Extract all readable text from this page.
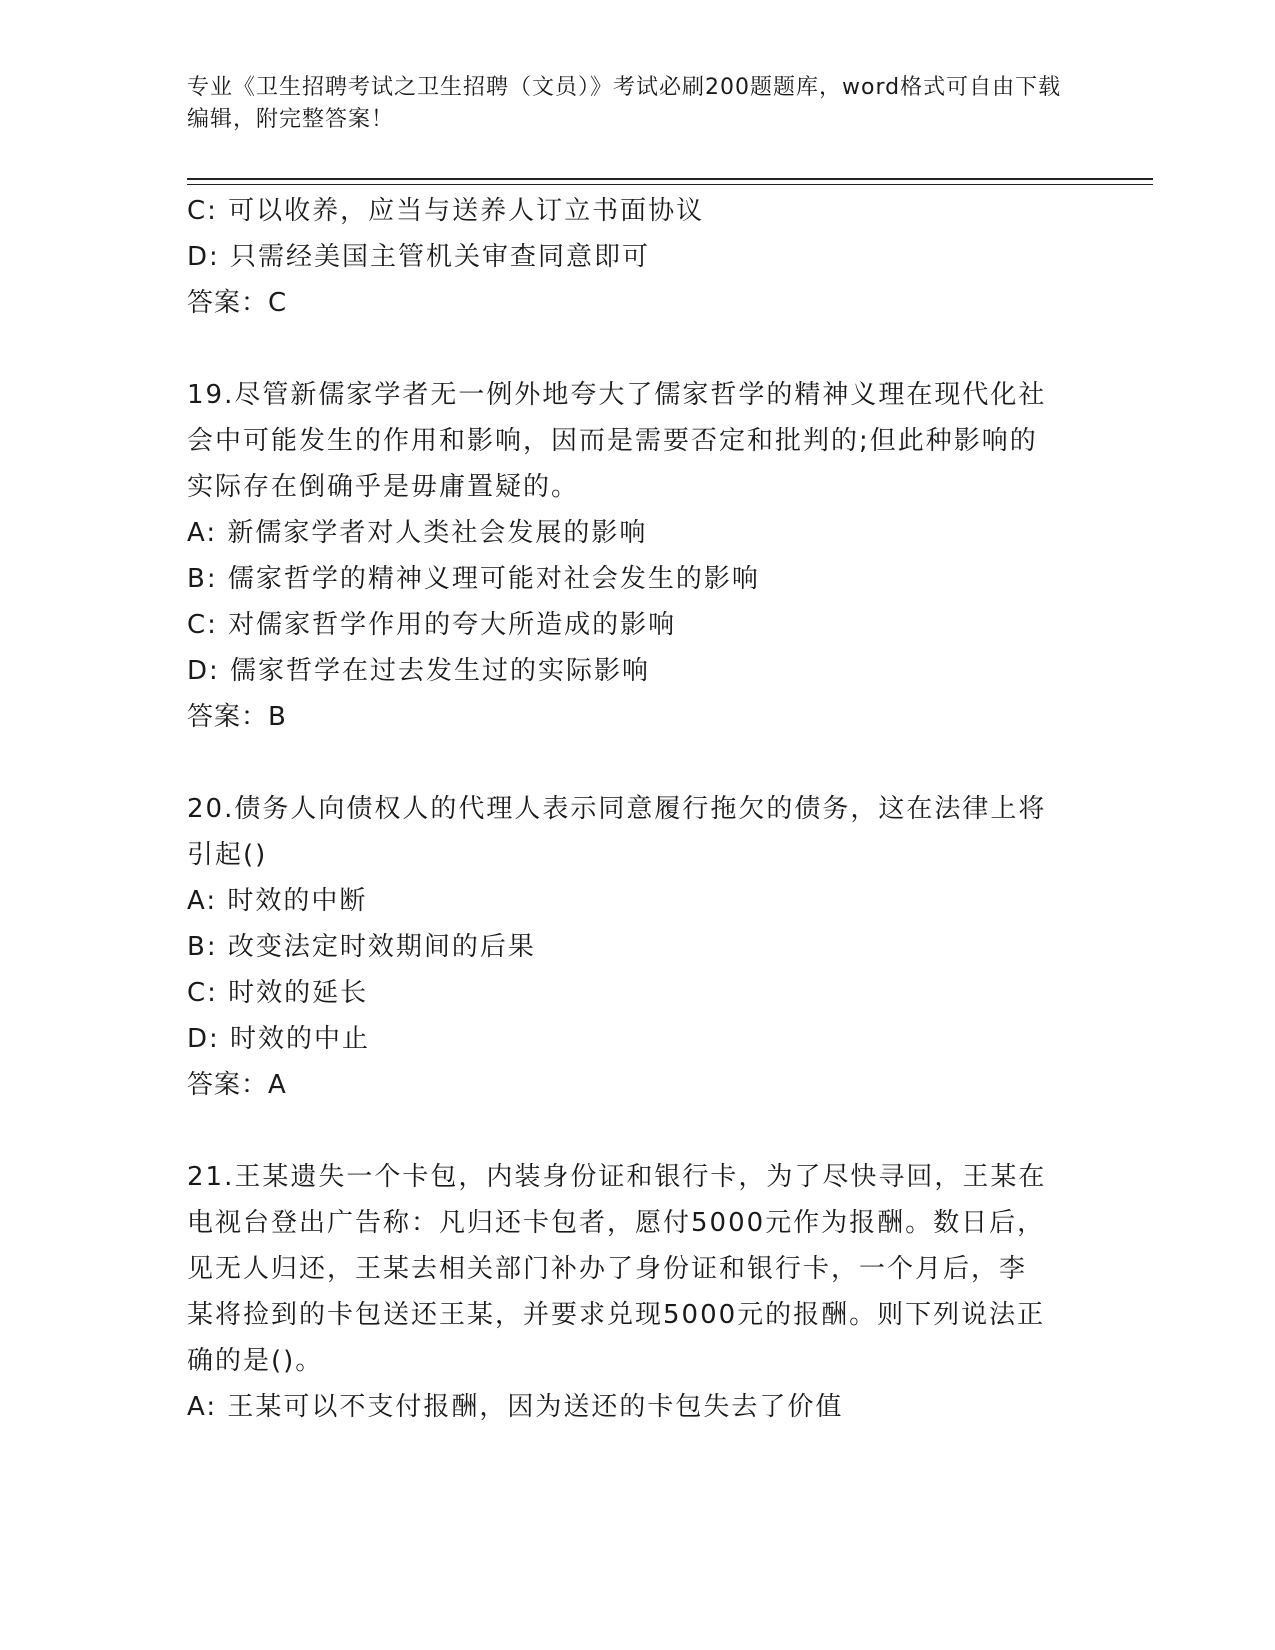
专业《卫生招聘考试之卫生招聘（文员）》考试必刷200题题库，word格式可自由下载编辑，附完整答案！
C: 可以收养，应当与送养人订立书面协议
D: 只需经美国主管机关审查同意即可
答案：C
19.尽管新儒家学者无一例外地夸大了儒家哲学的精神义理在现代化社
会中可能发生的作用和影响，因而是需要否定和批判的;但此种影响的
实际存在倒确乎是毋庸置疑的。
A: 新儒家学者对人类社会发展的影响
B: 儒家哲学的精神义理可能对社会发生的影响
C: 对儒家哲学作用的夸大所造成的影响
D: 儒家哲学在过去发生过的实际影响
答案：B
20.债务人向债权人的代理人表示同意履行拖欠的债务，这在法律上将
引起()
A: 时效的中断
B: 改变法定时效期间的后果
C: 时效的延长
D: 时效的中止
答案：A
21.王某遗失一个卡包，内装身份证和银行卡，为了尽快寻回，王某在
电视台登出广告称：凡归还卡包者，愿付5000元作为报酬。数日后，
见无人归还，王某去相关部门补办了身份证和银行卡，一个月后，李
某将捡到的卡包送还王某，并要求兑现5000元的报酬。则下列说法正
确的是()。
A: 王某可以不支付报酬，因为送还的卡包失去了价值
